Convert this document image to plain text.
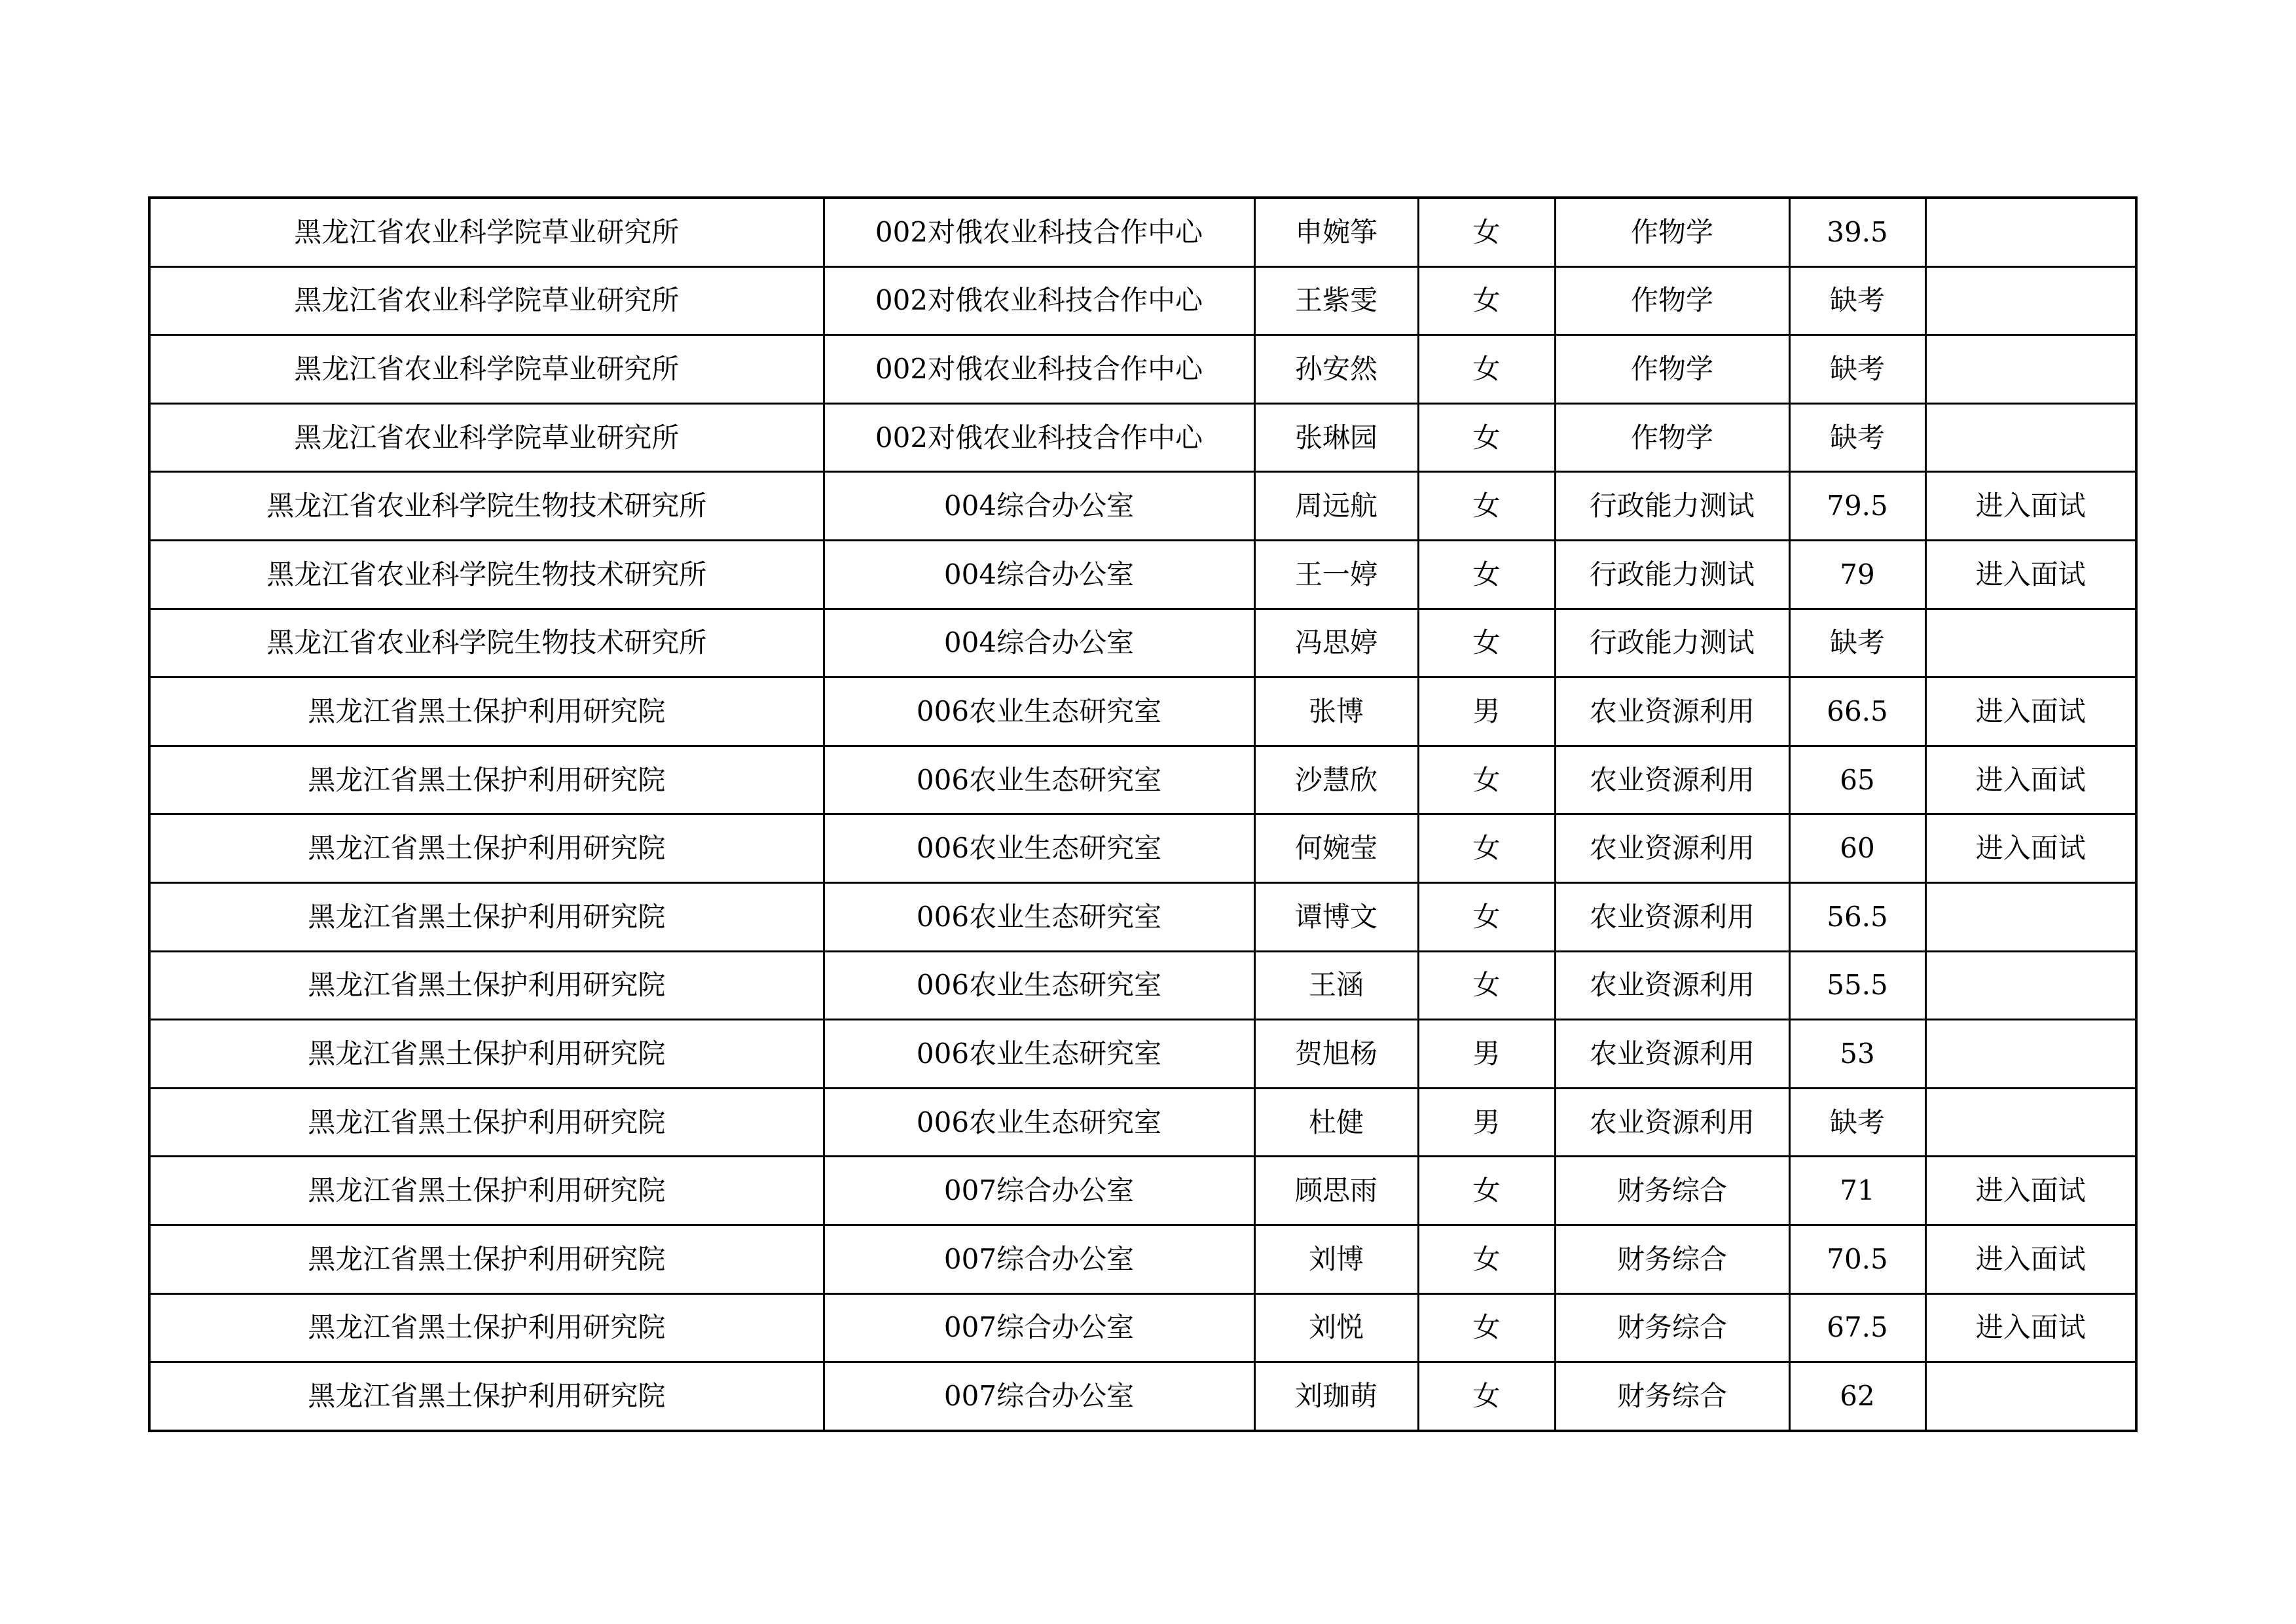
黑龙江省农业科学院草业研究所	002对俄农业科技合作中心	申婉筝	女	作物学	39.5	
黑龙江省农业科学院草业研究所	002对俄农业科技合作中心	王紫雯	女	作物学	缺考	
黑龙江省农业科学院草业研究所	002对俄农业科技合作中心	孙安然	女	作物学	缺考	
黑龙江省农业科学院草业研究所	002对俄农业科技合作中心	张琳园	女	作物学	缺考	
黑龙江省农业科学院生物技术研究所	004综合办公室	周远航	女	行政能力测试	79.5	进入面试
黑龙江省农业科学院生物技术研究所	004综合办公室	王一婷	女	行政能力测试	79	进入面试
黑龙江省农业科学院生物技术研究所	004综合办公室	冯思婷	女	行政能力测试	缺考	
黑龙江省黑土保护利用研究院	006农业生态研究室	张博	男	农业资源利用	66.5	进入面试
黑龙江省黑土保护利用研究院	006农业生态研究室	沙慧欣	女	农业资源利用	65	进入面试
黑龙江省黑土保护利用研究院	006农业生态研究室	何婉莹	女	农业资源利用	60	进入面试
黑龙江省黑土保护利用研究院	006农业生态研究室	谭博文	女	农业资源利用	56.5	
黑龙江省黑土保护利用研究院	006农业生态研究室	王涵	女	农业资源利用	55.5	
黑龙江省黑土保护利用研究院	006农业生态研究室	贺旭杨	男	农业资源利用	53	
黑龙江省黑土保护利用研究院	006农业生态研究室	杜健	男	农业资源利用	缺考	
黑龙江省黑土保护利用研究院	007综合办公室	顾思雨	女	财务综合	71	进入面试
黑龙江省黑土保护利用研究院	007综合办公室	刘博	女	财务综合	70.5	进入面试
黑龙江省黑土保护利用研究院	007综合办公室	刘悦	女	财务综合	67.5	进入面试
黑龙江省黑土保护利用研究院	007综合办公室	刘珈萌	女	财务综合	62	
